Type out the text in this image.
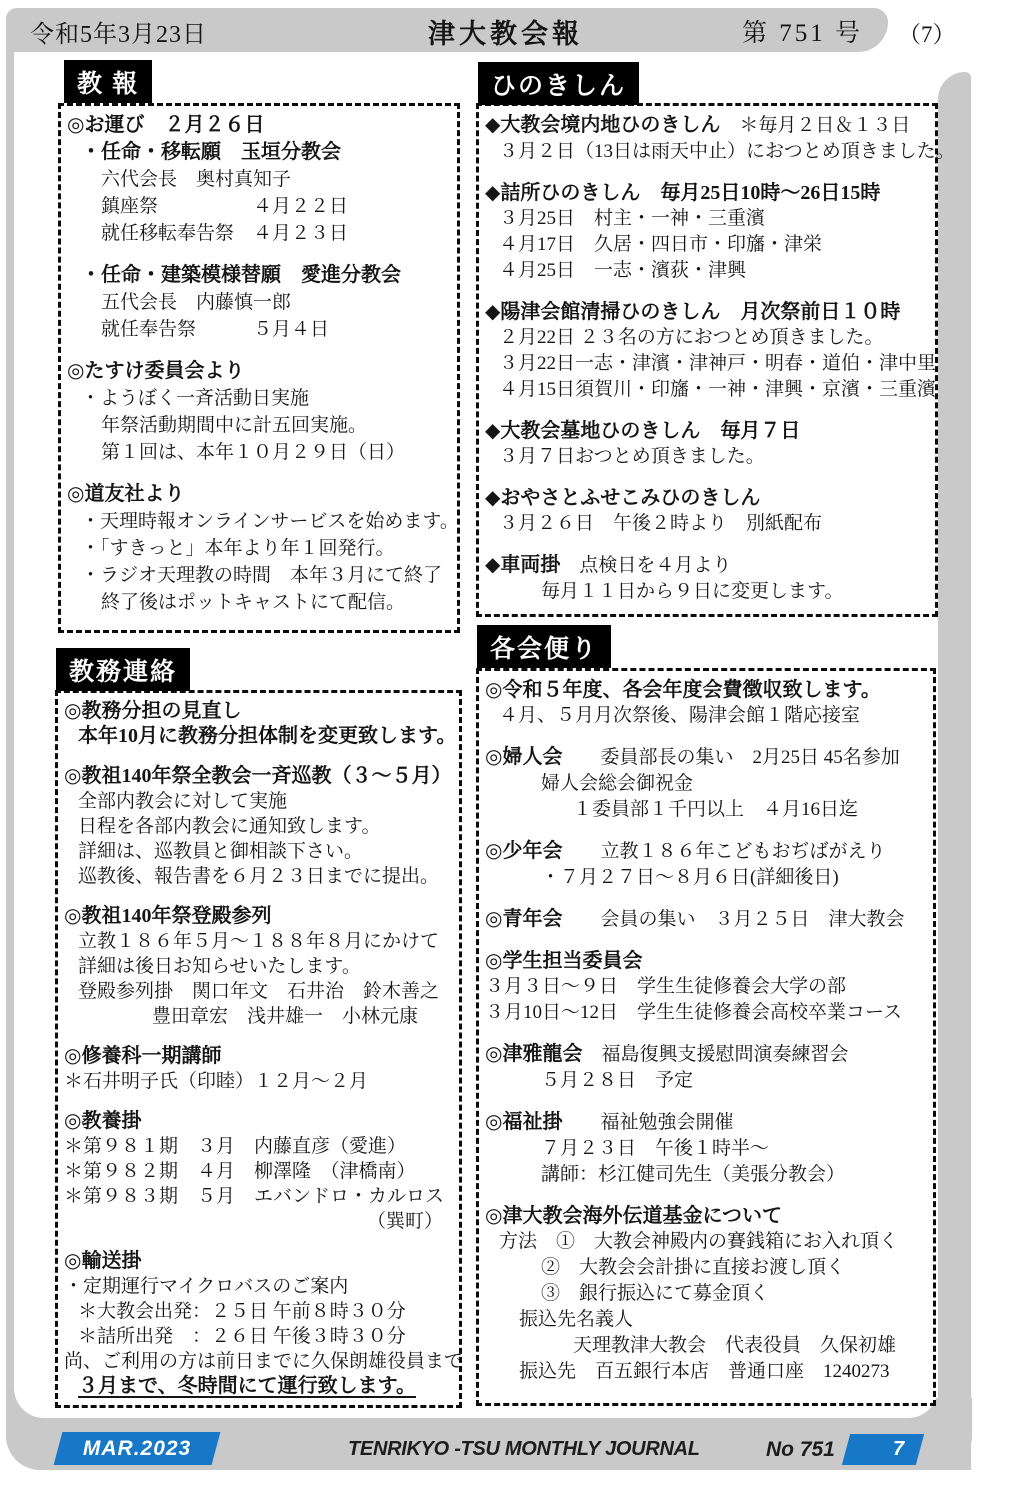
令和5年3月23日	津大教会報	第 751 号 （7）
教 報
◎お運び　２月２６日
・任命・移転願　玉垣分教会
六代会長　奥村真知子
鎮座祭　　　　　４月２２日
就任移転奉告祭　４月２３日
・任命・建築模様替願　愛進分教会
五代会長　内藤慎一郎
就任奉告祭　　　５月４日
◎たすけ委員会より
・ようぼく一斉活動日実施
年祭活動期間中に計五回実施。
第１回は、本年１０月２９日（日）
◎道友社より
・天理時報オンラインサービスを始めます。
・「すきっと」本年より年１回発行。
・ラジオ天理教の時間　本年３月にて終了
終了後はポットキャストにて配信。
ひのきしん
◆大教会境内地ひのきしん　＊毎月２日＆１３日
３月２日（13日は雨天中止）におつとめ頂きました。
◆詰所ひのきしん　毎月25日10時～26日15時
３月25日　村主・一神・三重濱
４月17日　久居・四日市・印旛・津栄
４月25日　一志・濱荻・津興
◆陽津会館清掃ひのきしん　月次祭前日１０時
２月22日 ２３名の方におつとめ頂きました。
３月22日一志・津濱・津神戸・明春・道伯・津中里
４月15日須賀川・印旛・一神・津興・京濱・三重濱
◆大教会墓地ひのきしん　毎月７日
３月７日おつとめ頂きました。
◆おやさとふせこみひのきしん
３月２６日　午後２時より　別紙配布
◆車両掛　点検日を４月より
毎月１１日から９日に変更します。
教務連絡
◎教務分担の見直し
本年10月に教務分担体制を変更致します。
◎教祖140年祭全教会一斉巡教（３～５月）
全部内教会に対して実施
日程を各部内教会に通知致します。
詳細は、巡教員と御相談下さい。
巡教後、報告書を６月２３日までに提出。
◎教祖140年祭登殿参列
立教１８６年５月～１８８年８月にかけて
詳細は後日お知らせいたします。
登殿参列掛　関口年文　石井治　鈴木善之
豊田章宏　浅井雄一　小林元康
◎修養科一期講師
＊石井明子氏（印睦）１２月～２月
◎教養掛
＊第９８１期　３月　内藤直彦（愛進）
＊第９８２期　４月　柳澤隆　（津橋南）
＊第９８３期　５月　エバンドロ・カルロス
（巽町）
◎輸送掛
・定期運行マイクロバスのご案内
＊大教会出発：２５日 午前８時３０分
＊詰所出発　：２６日 午後３時３０分
尚、ご利用の方は前日までに久保朗雄役員まで
３月まで、冬時間にて運行致します。
各会便り
◎令和５年度、各会年度会費徴収致します。
４月、５月月次祭後、陽津会館１階応接室
◎婦人会　　委員部長の集い　2月25日 45名参加
婦人会総会御祝金
１委員部１千円以上　４月16日迄
◎少年会　　立教１８６年こどもおぢばがえり
・７月２７日～８月６日(詳細後日)
◎青年会　　会員の集い　３月２５日　津大教会
◎学生担当委員会
３月３日～９日　学生生徒修養会大学の部
３月10日～12日　学生生徒修養会高校卒業コース
◎津雅龍会　福島復興支援慰問演奏練習会
５月２８日　予定
◎福祉掛　　福祉勉強会開催
７月２３日　午後１時半～
講師：杉江健司先生（美張分教会）
◎津大教会海外伝道基金について
方法　①　大教会神殿内の賽銭箱にお入れ頂く
②　大教会会計掛に直接お渡し頂く
③　銀行振込にて募金頂く
振込先名義人
天理教津大教会　代表役員　久保初雄
振込先　百五銀行本店　普通口座　1240273
MAR.2023	TENRIKYO -TSU MONTHLY JOURNAL	No 751	7
